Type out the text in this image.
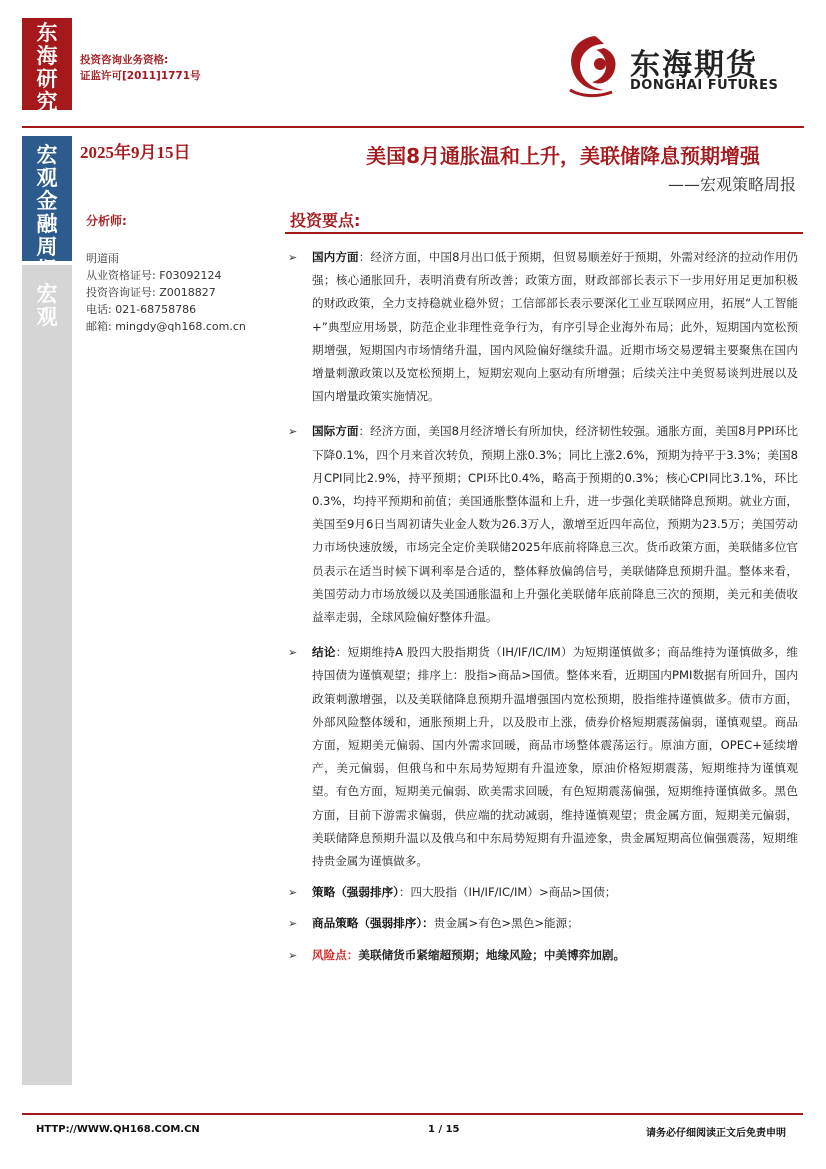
东海研究
投资咨询业务资格:
证监许可[2011]1771号	东海期货
DONGHAI FUTURES
宏观金融周
宏观
2025年9月15日	美国8月通胀温和上升，美联储降息预期增强
——宏观策略周报
分析师:
明道雨
从业资格证号: F03092124
投资咨询证号: Z0018827
电话: 021-68758786
邮箱: mingdy@qh168.com.cn
投资要点:
➢ 国内方面：经济方面，中国8月出口低于预期，但贸易顺差好于预期，外需对经济的拉动作用仍强；核心通胀回升，表明消费有所改善；政策方面，财政部部长表示下一步用好用足更加积极的财政政策，全力支持稳就业稳外贸；工信部部长表示要深化工业互联网应用，拓展“人工智能+”典型应用场景，防范企业非理性竞争行为，有序引导企业海外布局；此外，短期国内宽松预期增强，短期国内市场情绪升温，国内风险偏好继续升温。近期市场交易逻辑主要聚焦在国内增量刺激政策以及宽松预期上，短期宏观向上驱动有所增强；后续关注中美贸易谈判进展以及国内增量政策实施情况。
➢ 国际方面：经济方面，美国8月经济增长有所加快，经济韧性较强。通胀方面，美国8月PPI环比下降0.1%，四个月来首次转负，预期上涨0.3%；同比上涨2.6%，预期为持平于3.3%；美国8月CPI同比2.9%，持平预期；CPI环比0.4%，略高于预期的0.3%；核心CPI同比3.1%，环比0.3%，均持平预期和前值；美国通胀整体温和上升，进一步强化美联储降息预期。就业方面，美国至9月6日当周初请失业金人数为26.3万人，激增至近四年高位，预期为23.5万；美国劳动力市场快速放缓，市场完全定价美联储2025年底前将降息三次。货币政策方面，美联储多位官员表示在适当时候下调利率是合适的，整体释放偏鸽信号，美联储降息预期升温。整体来看，美国劳动力市场放缓以及美国通胀温和上升强化美联储年底前降息三次的预期，美元和美债收益率走弱，全球风险偏好整体升温。
➢ 结论：短期维持A 股四大股指期货（IH/IF/IC/IM）为短期谨慎做多；商品维持为谨慎做多，维持国债为谨慎观望；排序上：股指>商品>国债。整体来看，近期国内PMI数据有所回升，国内政策刺激增强，以及美联储降息预期升温增强国内宽松预期，股指维持谨慎做多。债市方面，外部风险整体缓和，通胀预期上升，以及股市上涨，债券价格短期震荡偏弱，谨慎观望。商品方面，短期美元偏弱、国内外需求回暖，商品市场整体震荡运行。原油方面，OPEC+延续增产，美元偏弱，但俄乌和中东局势短期有升温迹象，原油价格短期震荡，短期维持为谨慎观望。有色方面，短期美元偏弱、欧美需求回暖，有色短期震荡偏强，短期维持谨慎做多。黑色方面，目前下游需求偏弱，供应端的扰动减弱，维持谨慎观望；贵金属方面，短期美元偏弱，美联储降息预期升温以及俄乌和中东局势短期有升温迹象，贵金属短期高位偏强震荡，短期维持贵金属为谨慎做多。
➢ 策略（强弱排序）：四大股指（IH/IF/IC/IM）>商品>国债；
➢ 商品策略（强弱排序）：贵金属>有色>黑色>能源；
➢ 风险点：美联储货币紧缩超预期；地缘风险；中美博弈加剧。
HTTP://WWW.QH168.COM.CN	1 / 15	请务必仔细阅读正文后免责申明
